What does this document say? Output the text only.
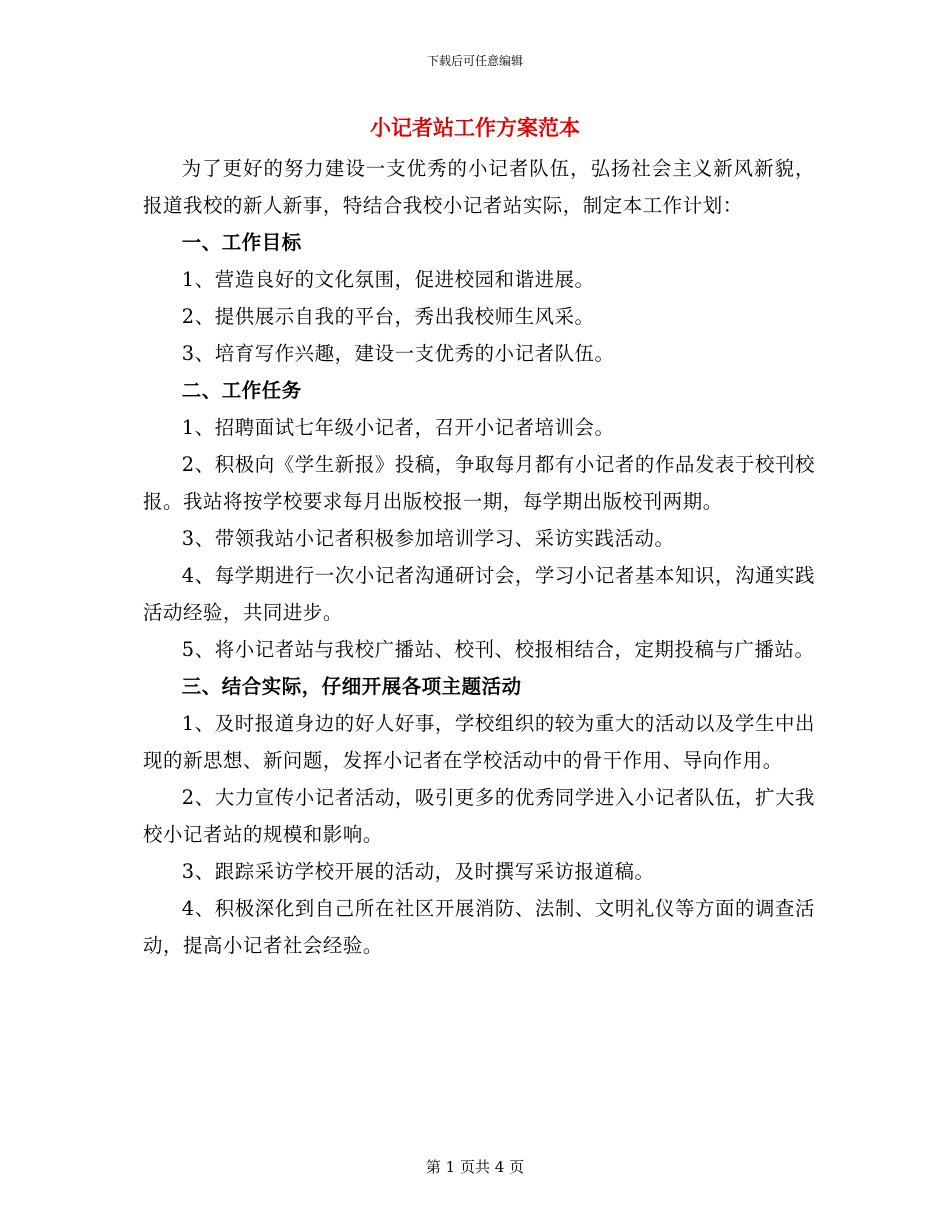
下载后可任意编辑
小记者站工作方案范本

为了更好的努力建设一支优秀的小记者队伍，弘扬社会主义新风新貌，报道我校的新人新事，特结合我校小记者站实际，制定本工作计划：

一、工作目标

1、营造良好的文化氛围，促进校园和谐进展。

2、提供展示自我的平台，秀出我校师生风采。

3、培育写作兴趣，建设一支优秀的小记者队伍。

二、工作任务

1、招聘面试七年级小记者，召开小记者培训会。

2、积极向《学生新报》投稿，争取每月都有小记者的作品发表于校刊校报。我站将按学校要求每月出版校报一期，每学期出版校刊两期。

3、带领我站小记者积极参加培训学习、采访实践活动。

4、每学期进行一次小记者沟通研讨会，学习小记者基本知识，沟通实践活动经验，共同进步。

5、将小记者站与我校广播站、校刊、校报相结合，定期投稿与广播站。

三、结合实际，仔细开展各项主题活动

1、及时报道身边的好人好事，学校组织的较为重大的活动以及学生中出现的新思想、新问题，发挥小记者在学校活动中的骨干作用、导向作用。

2、大力宣传小记者活动，吸引更多的优秀同学进入小记者队伍，扩大我校小记者站的规模和影响。

3、跟踪采访学校开展的活动，及时撰写采访报道稿。

4、积极深化到自己所在社区开展消防、法制、文明礼仪等方面的调查活动，提高小记者社会经验。

第 1 页共 4 页
